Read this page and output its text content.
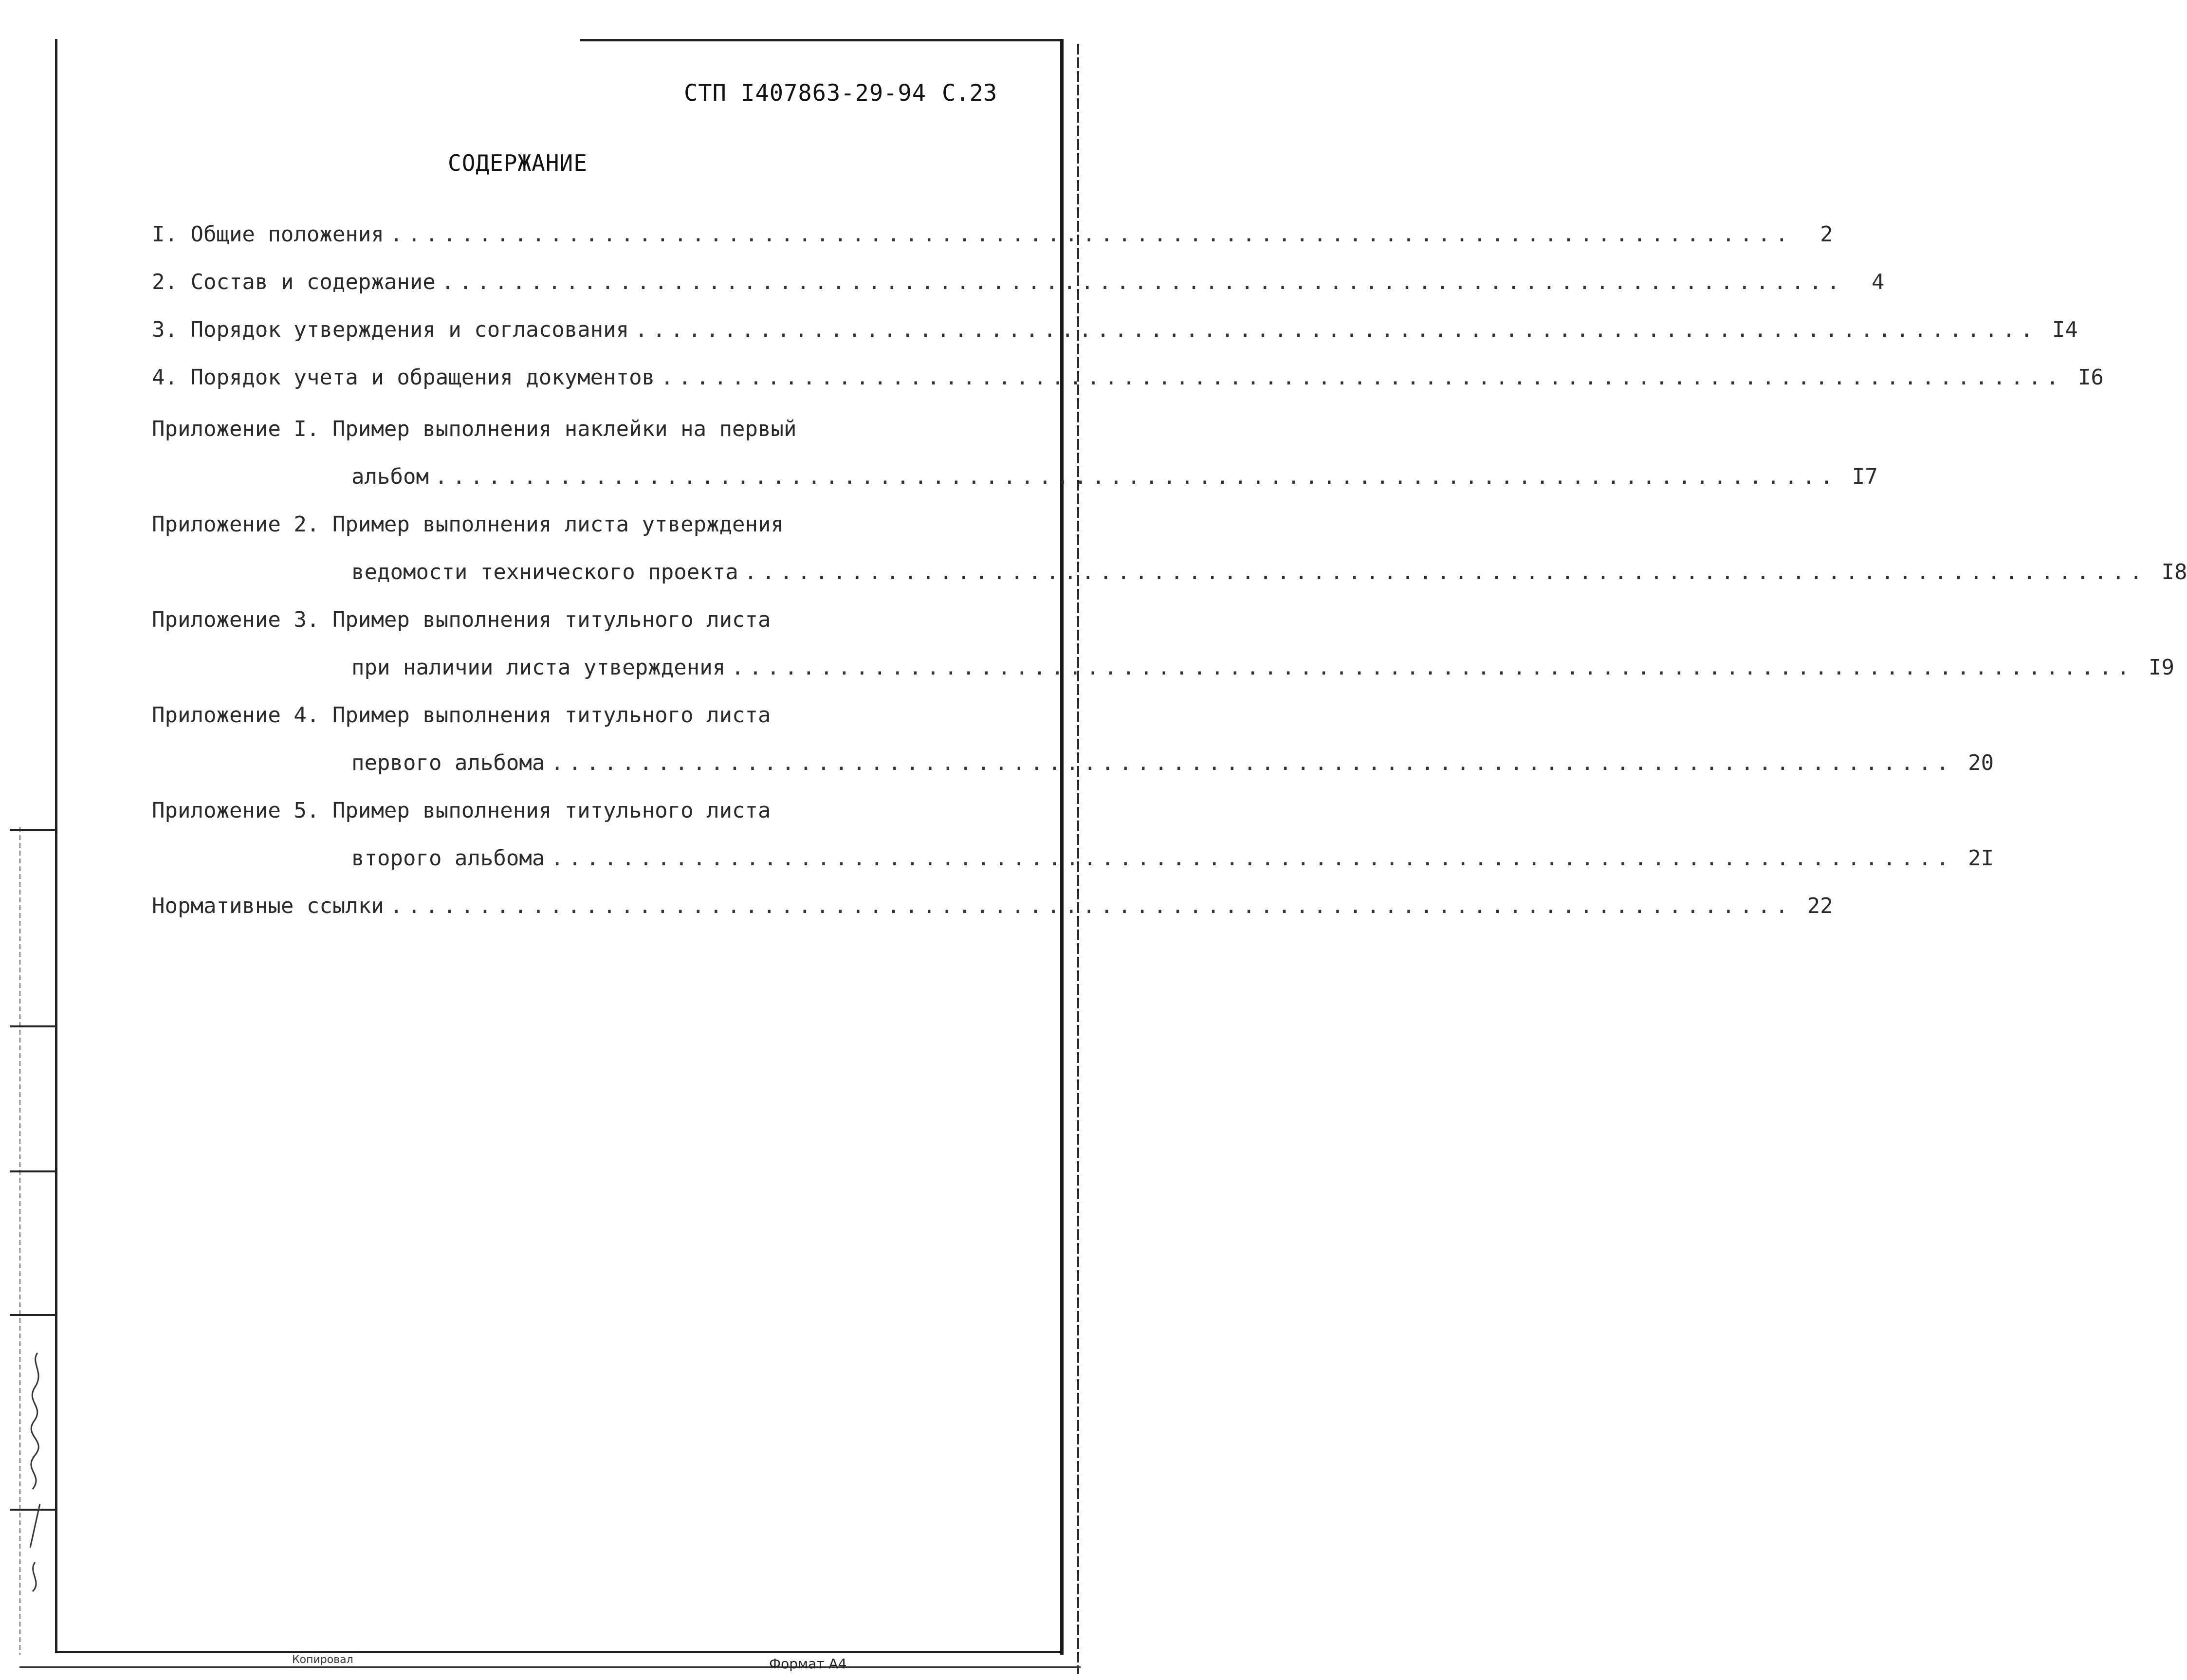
СТП I407863-29-94 С.23
СОДЕРЖАНИЕ
I. Общие положения ...............................................................................	2
2. Состав и содержание ...............................................................................	4
3. Порядок утверждения и согласования ............................................................................... I4
4. Порядок учета и обращения документов ............................................................................... I6
Приложение I. Пример выполнения наклейки на первый
альбом ............................................................................... I7
Приложение 2. Пример выполнения листа утверждения
ведомости технического проекта ............................................................................... I8
Приложение 3. Пример выполнения титульного листа
при наличии листа утверждения ............................................................................... I9
Приложение 4. Пример выполнения титульного листа
первого альбома ............................................................................... 20
Приложение 5. Пример выполнения титульного листа
второго альбома ............................................................................... 2I
Нормативные ссылки ............................................................................... 22
Копировал	Формат А4
